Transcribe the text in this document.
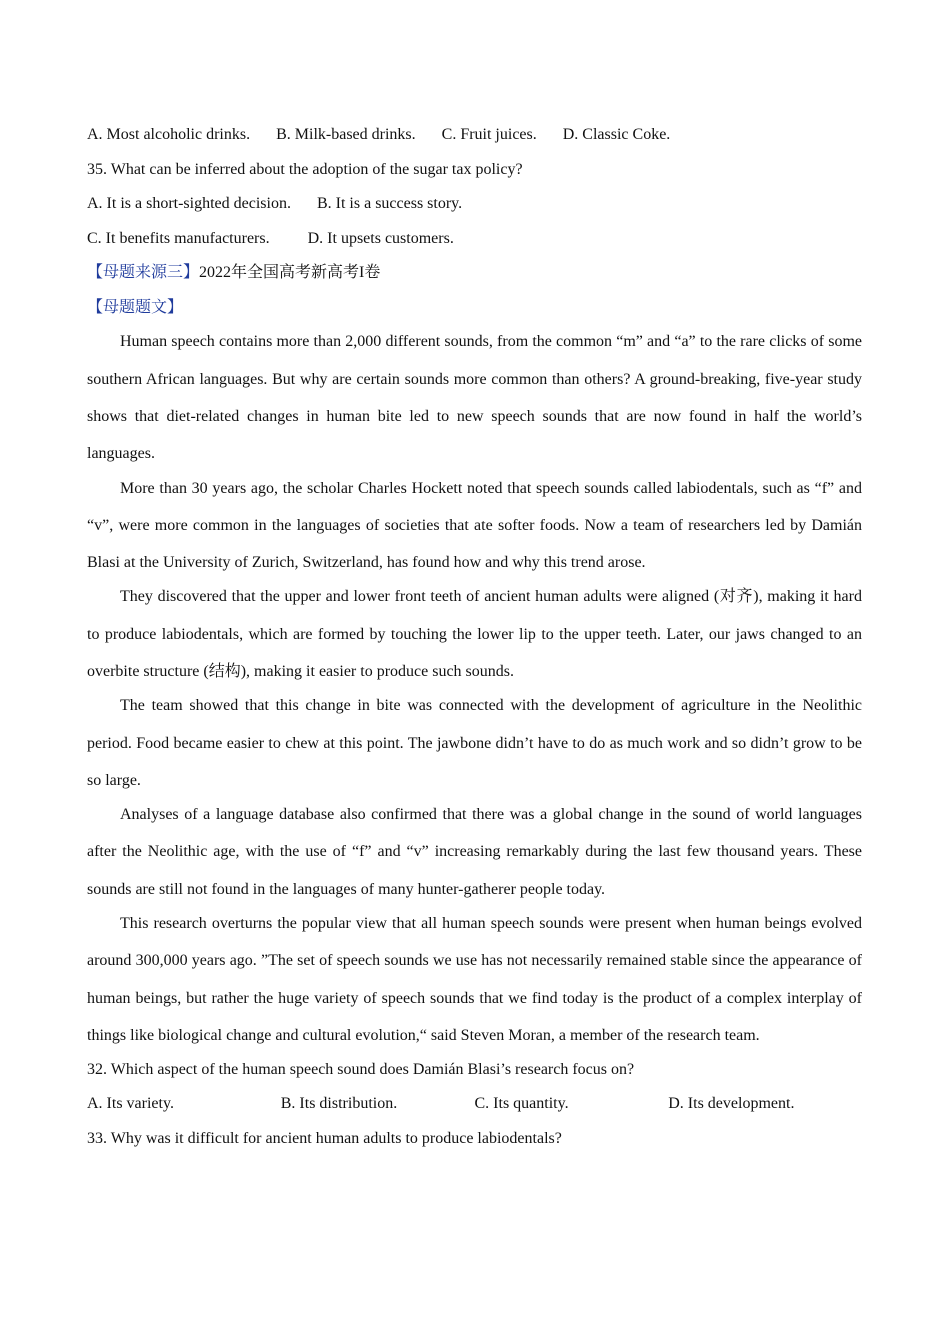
A. Most alcoholic drinks. B. Milk-based drinks. C. Fruit juices. D. Classic Coke.
35. What can be inferred about the adoption of the sugar tax policy?
A. It is a short-sighted decision. B. It is a success story.
C. It benefits manufacturers. D. It upsets customers.
【母题来源三】2022年全国高考新高考I卷
【母题题文】

Human speech contains more than 2,000 different sounds, from the common “m” and “a” to the rare clicks of some southern African languages. But why are certain sounds more common than others? A ground-breaking, five-year study shows that diet-related changes in human bite led to new speech sounds that are now found in half the world’s languages.

More than 30 years ago, the scholar Charles Hockett noted that speech sounds called labiodentals, such as “f” and “v”, were more common in the languages of societies that ate softer foods. Now a team of researchers led by Damián Blasi at the University of Zurich, Switzerland, has found how and why this trend arose.

They discovered that the upper and lower front teeth of ancient human adults were aligned (对齐), making it hard to produce labiodentals, which are formed by touching the lower lip to the upper teeth. Later, our jaws changed to an overbite structure (结构), making it easier to produce such sounds.

The team showed that this change in bite was connected with the development of agriculture in the Neolithic period. Food became easier to chew at this point. The jawbone didn’t have to do as much work and so didn’t grow to be so large.

Analyses of a language database also confirmed that there was a global change in the sound of world languages after the Neolithic age, with the use of “f” and “v” increasing remarkably during the last few thousand years. These sounds are still not found in the languages of many hunter-gatherer people today.

This research overturns the popular view that all human speech sounds were present when human beings evolved around 300,000 years ago. ”The set of speech sounds we use has not necessarily remained stable since the appearance of human beings, but rather the huge variety of speech sounds that we find today is the product of a complex interplay of things like biological change and cultural evolution,“ said Steven Moran, a member of the research team.

32. Which aspect of the human speech sound does Damián Blasi’s research focus on?
A. Its variety.	B. Its distribution.	C. Its quantity.	D. Its development.
33. Why was it difficult for ancient human adults to produce labiodentals?
